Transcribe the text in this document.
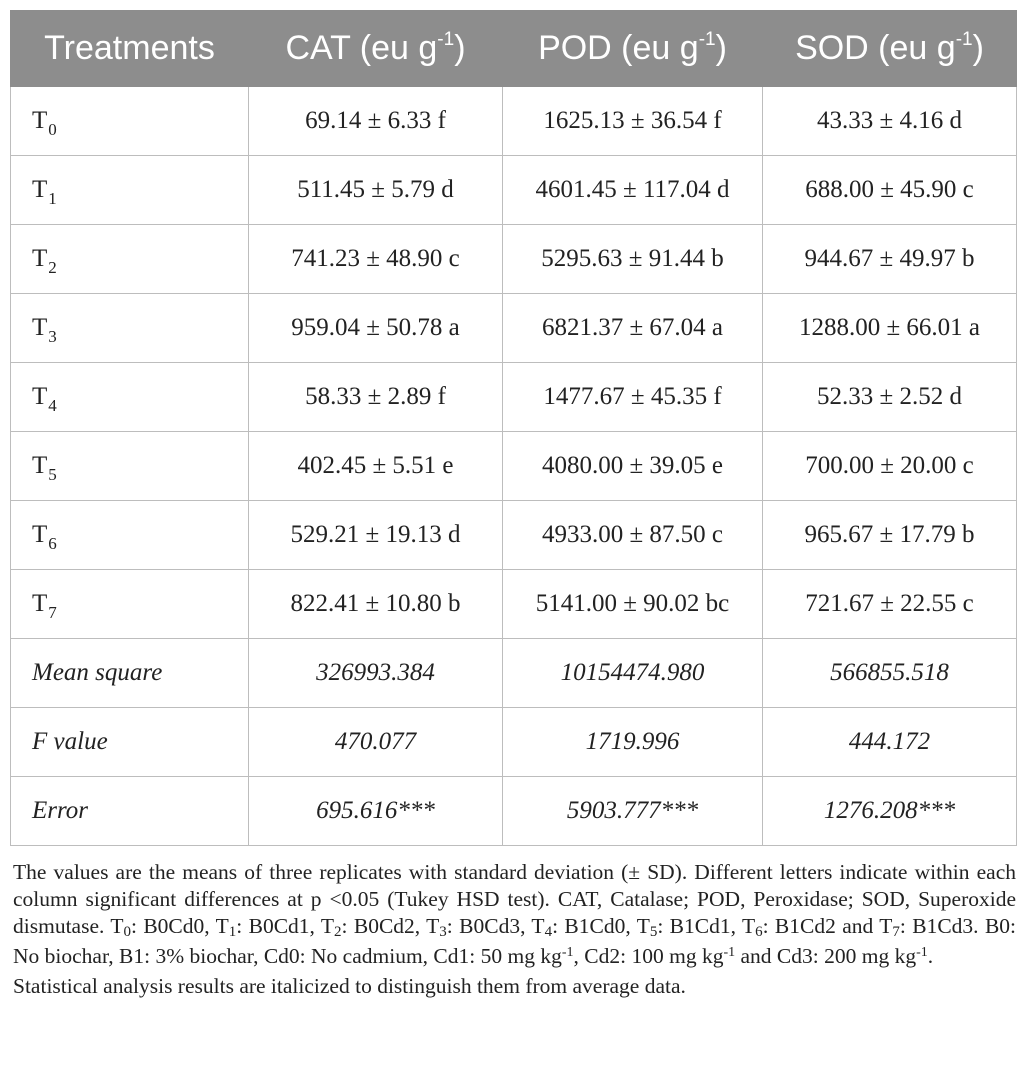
Treatments	CAT (eu $g^{-1}$)	POD (eu $g^{-1}$)	SOD (eu $g^{-1}$)
$T_0$	69.14 ± 6.33 f	1625.13 ± 36.54 f	43.33 ± 4.16 d
$T_1$	511.45 ± 5.79 d	4601.45 ± 117.04 d	688.00 ± 45.90 c
$T_2$	741.23 ± 48.90 c	5295.63 ± 91.44 b	944.67 ± 49.97 b
$T_3$	959.04 ± 50.78 a	6821.37 ± 67.04 a	1288.00 ± 66.01 a
$T_4$	58.33 ± 2.89 f	1477.67 ± 45.35 f	52.33 ± 2.52 d
$T_5$	402.45 ± 5.51 e	4080.00 ± 39.05 e	700.00 ± 20.00 c
$T_6$	529.21 ± 19.13 d	4933.00 ± 87.50 c	965.67 ± 17.79 b
$T_7$	822.41 ± 10.80 b	5141.00 ± 90.02 bc	721.67 ± 22.55 c
Mean square	326993.384	10154474.980	566855.518
F value	470.077	1719.996	444.172
Error	695.616***	5903.777***	1276.208***

The values are the means of three replicates with standard deviation (± SD). Different letters indicate within each column significant differences at p <0.05 (Tukey HSD test). CAT, Catalase; POD, Peroxidase; SOD, Superoxide dismutase. $T_0$: B0Cd0, $T_1$: B0Cd1, $T_2$: B0Cd2, $T_3$: B0Cd3, $T_4$: B1Cd0, $T_5$: B1Cd1, $T_6$: B1Cd2 and $T_7$: B1Cd3. B0: No biochar, B1: 3% biochar, Cd0: No cadmium, Cd1: 50 mg $kg^{-1}$, Cd2: 100 mg $kg^{-1}$ and Cd3: 200 mg $kg^{-1}$.

Statistical analysis results are italicized to distinguish them from average data.
